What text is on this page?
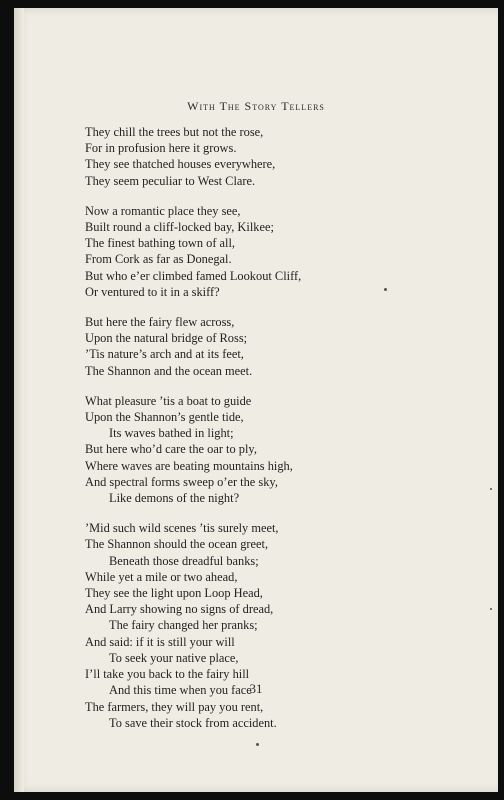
With The Story Tellers
They chill the trees but not the rose,
For in profusion here it grows.
They see thatched houses everywhere,
They seem peculiar to West Clare.
Now a romantic place they see,
Built round a cliff-locked bay, Kilkee;
The finest bathing town of all,
From Cork as far as Donegal.
But who e’er climbed famed Lookout Cliff,
Or ventured to it in a skiff?
But here the fairy flew across,
Upon the natural bridge of Ross;
’Tis nature’s arch and at its feet,
The Shannon and the ocean meet.
What pleasure ’tis a boat to guide
Upon the Shannon’s gentle tide,
Its waves bathed in light;
But here who’d care the oar to ply,
Where waves are beating mountains high,
And spectral forms sweep o’er the sky,
Like demons of the night?
’Mid such wild scenes ’tis surely meet,
The Shannon should the ocean greet,
Beneath those dreadful banks;
While yet a mile or two ahead,
They see the light upon Loop Head,
And Larry showing no signs of dread,
The fairy changed her pranks;
And said: if it is still your will
To seek your native place,
I’ll take you back to the fairy hill
And this time when you face
The farmers, they will pay you rent,
To save their stock from accident.
31
